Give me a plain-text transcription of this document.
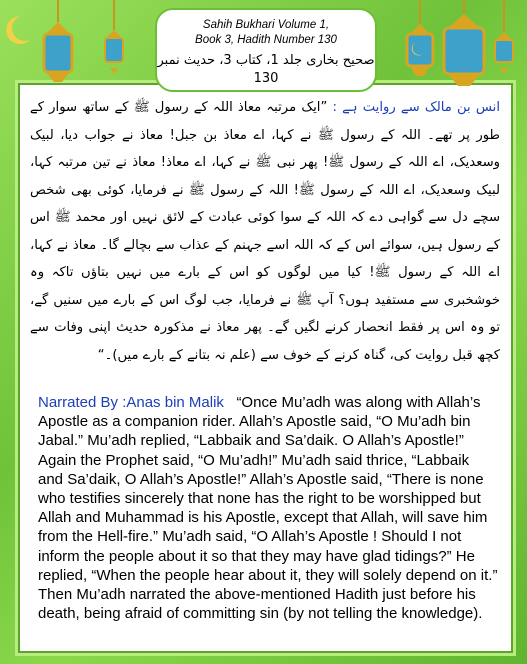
Sahih Bukhari Volume 1,
Book 3, Hadith Number 130
صحیح بخاری جلد 1، کتاب 3، حدیث نمبر 130
انس بن مالک سے روایت ہے : ”ایک مرتبہ معاذ اللہ کے رسول ﷺ کے ساتھ سوار کے طور پر تھے۔ اللہ کے رسول ﷺ نے کہا، اے معاذ بن جبل! معاذ نے جواب دیا، لبیک وسعدیک، اے اللہ کے رسول ﷺ! پھر نبی ﷺ نے کہا، اے معاذ! معاذ نے تین مرتبہ کہا، لبیک وسعدیک، اے اللہ کے رسول ﷺ! اللہ کے رسول ﷺ نے فرمایا، کوئی بھی شخص سچے دل سے گواہی دے کہ اللہ کے سوا کوئی عبادت کے لائق نہیں اور محمد ﷺ اس کے رسول ہیں، سوائے اس کے کہ اللہ اسے جہنم کے عذاب سے بچالے گا۔ معاذ نے کہا، اے اللہ کے رسول ﷺ! کیا میں لوگوں کو اس کے بارے میں نہیں بتاؤں تاکہ وہ خوشخبری سے مستفید ہوں؟ آپ ﷺ نے فرمایا، جب لوگ اس کے بارے میں سنیں گے، تو وہ اس پر فقط انحصار کرنے لگیں گے۔ پھر معاذ نے مذکورہ حدیث اپنی وفات سے کچھ قبل روایت کی، گناہ کرنے کے خوف سے (علم نہ بتانے کے بارے میں)۔“
Narrated By :Anas bin Malik “Once Mu’adh was along with Allah’s Apostle as a companion rider. Allah’s Apostle said, “O Mu’adh bin Jabal.” Mu’adh replied, “Labbaik and Sa’daik. O Allah’s Apostle!” Again the Prophet said, “O Mu’adh!” Mu’adh said thrice, “Labbaik and Sa’daik, O Allah’s Apostle!” Allah’s Apostle said, “There is none who testifies sincerely that none has the right to be worshipped but Allah and Muhammad is his Apostle, except that Allah, will save him from the Hell-fire.” Mu’adh said, “O Allah’s Apostle ! Should I not inform the people about it so that they may have glad tidings?” He replied, “When the people hear about it, they will solely depend on it.” Then Mu’adh narrated the above-mentioned Hadith just before his death, being afraid of committing sin (by not telling the knowledge).
